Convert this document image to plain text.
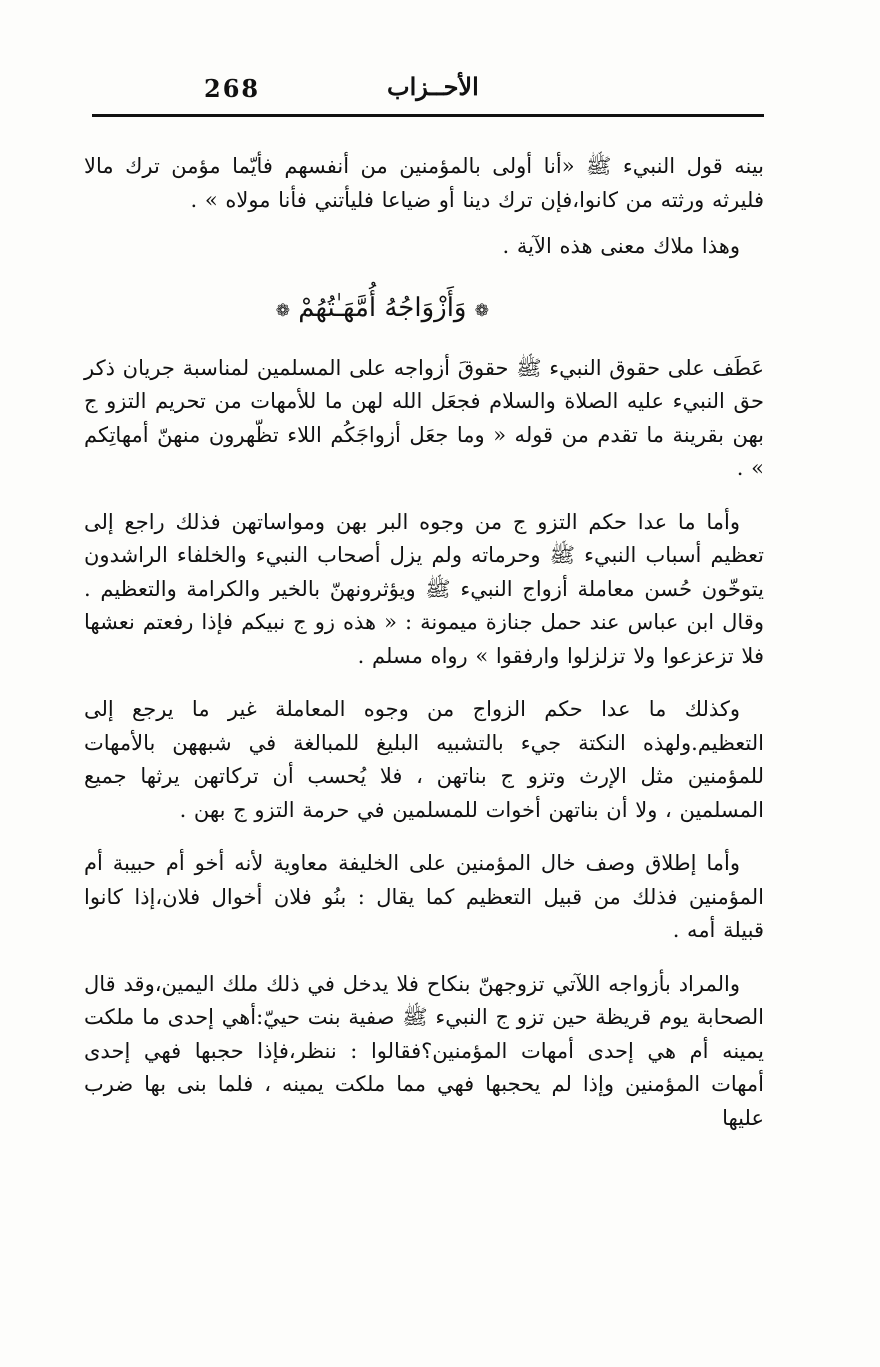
268	الأحــزاب

بينه قول النبيء ﷺ «أنا أولى بالمؤمنين من أنفسهم فأيّما مؤمن ترك مالا فليرثه ورثته من كانوا،فإن ترك دينا أو ضياعا فليأتني فأنا مولاه » .

وهذا ملاك معنى هذه الآية .

❁ وَأَزْوَاجُهُ أُمَّهَـٰتُهُمْ ❁

عَطَف على حقوق النبيء ﷺ حقوقَ أزواجه على المسلمين لمناسبة جريان ذكر حق النبيء عليه الصلاة والسلام فجعَل الله لهن ما للأمهات من تحريم التزو ج بهن بقرينة ما تقدم من قوله « وما جعَل أزواجَكُم اللاء تظّهرون منهنّ أمهاتِكم » .

وأما ما عدا حكم التزو ج من وجوه البر بهن ومواساتهن فذلك راجع إلى تعظيم أسباب النبيء ﷺ وحرماته ولم يزل أصحاب النبيء والخلفاء الراشدون يتوخّون حُسن معاملة أزواج النبيء ﷺ ويؤثرونهنّ بالخير والكرامة والتعظيم . وقال ابن عباس عند حمل جنازة ميمونة : « هذه زو ج نبيكم فإذا رفعتم نعشها فلا تزعزعوا ولا تزلزلوا وارفقوا » رواه مسلم .

وكذلك ما عدا حكم الزواج من وجوه المعاملة غير ما يرجع إلى التعظيم.ولهذه النكتة جيء بالتشبيه البليغ للمبالغة في شبههن بالأمهات للمؤمنين مثل الإرث وتزو ج بناتهن ، فلا يُحسب أن تركاتهن يرثها جميع المسلمين ، ولا أن بناتهن أخوات للمسلمين في حرمة التزو ج بهن .

وأما إطلاق وصف خال المؤمنين على الخليفة معاوية لأنه أخو أم حبيبة أم المؤمنين فذلك من قبيل التعظيم كما يقال : بنُو فلان أخوال فلان،إذا كانوا قبيلة أمه .

والمراد بأزواجه اللآتي تزوجهنّ بنكاح فلا يدخل في ذلك ملك اليمين،وقد قال الصحابة يوم قريظة حين تزو ج النبيء ﷺ صفية بنت حييّ:أهي إحدى ما ملكت يمينه أم هي إحدى أمهات المؤمنين؟فقالوا : ننظر،فإذا حجبها فهي إحدى أمهات المؤمنين وإذا لم يحجبها فهي مما ملكت يمينه ، فلما بنى بها ضرب عليها
